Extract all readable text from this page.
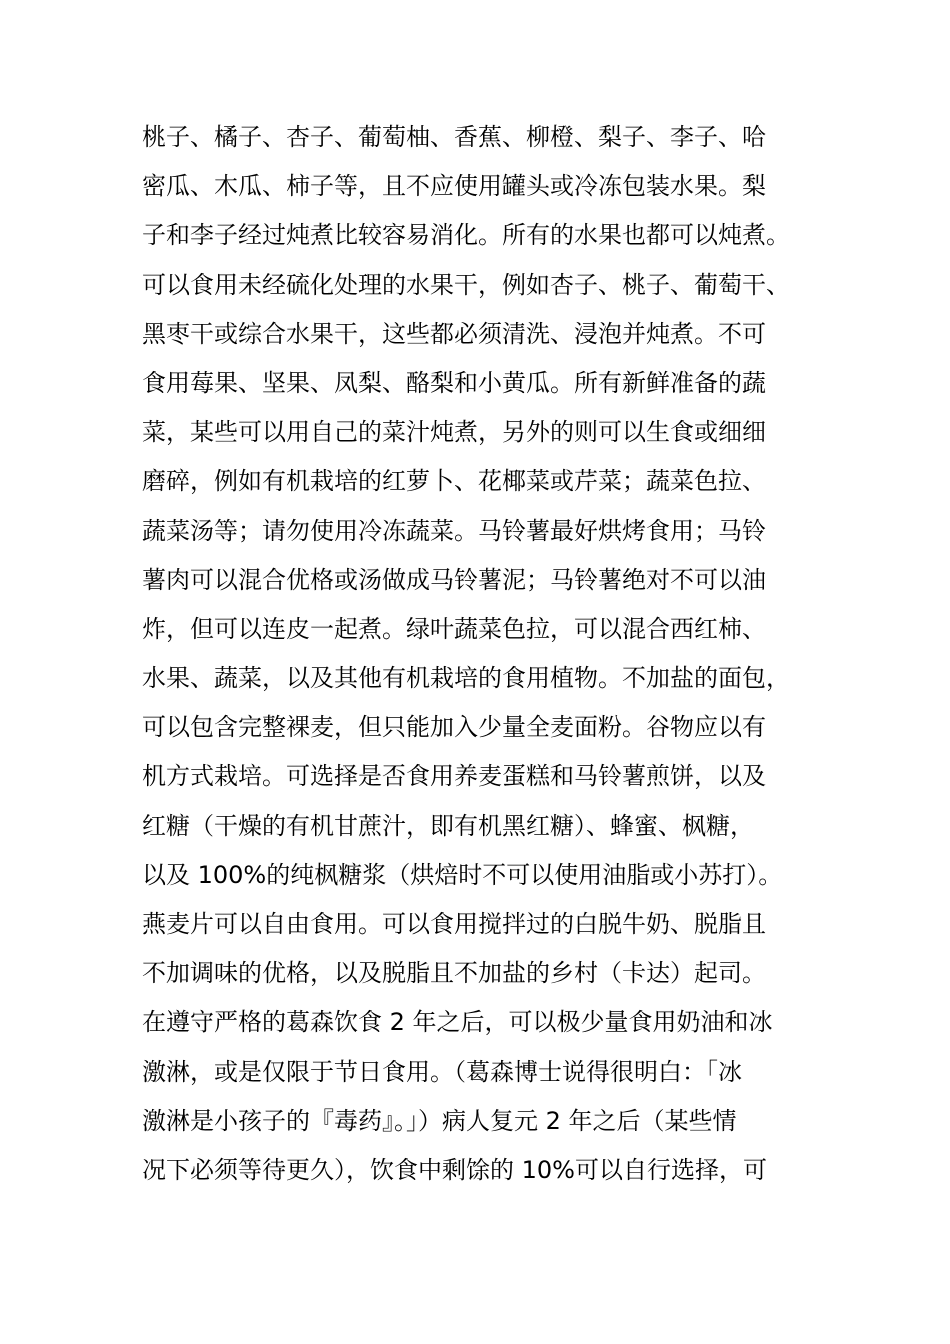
桃子、橘子、杏子、葡萄柚、香蕉、柳橙、梨子、李子、哈
密瓜、木瓜、柿子等，且不应使用罐头或冷冻包装水果。梨
子和李子经过炖煮比较容易消化。所有的水果也都可以炖煮。
可以食用未经硫化处理的水果干，例如杏子、桃子、葡萄干、
黑枣干或综合水果干，这些都必须清洗、浸泡并炖煮。不可
食用莓果、坚果、凤梨、酪梨和小黄瓜。所有新鲜准备的蔬
菜，某些可以用自己的菜汁炖煮，另外的则可以生食或细细
磨碎，例如有机栽培的红萝卜、花椰菜或芹菜；蔬菜色拉、
蔬菜汤等；请勿使用冷冻蔬菜。马铃薯最好烘烤食用；马铃
薯肉可以混合优格或汤做成马铃薯泥；马铃薯绝对不可以油
炸，但可以连皮一起煮。绿叶蔬菜色拉，可以混合西红柿、
水果、蔬菜，以及其他有机栽培的食用植物。不加盐的面包，
可以包含完整裸麦，但只能加入少量全麦面粉。谷物应以有
机方式栽培。可选择是否食用养麦蛋糕和马铃薯煎饼，以及
红糖（干燥的有机甘蔗汁，即有机黑红糖）、蜂蜜、枫糖，
以及 100%的纯枫糖浆（烘焙时不可以使用油脂或小苏打）。
燕麦片可以自由食用。可以食用搅拌过的白脱牛奶、脱脂且
不加调味的优格，以及脱脂且不加盐的乡村（卡达）起司。
在遵守严格的葛森饮食 2 年之后，可以极少量食用奶油和冰
激淋，或是仅限于节日食用。（葛森博士说得很明白：「冰
激淋是小孩子的『毒药』。」）病人复元 2 年之后（某些情
况下必须等待更久），饮食中剩馀的 10%可以自行选择，可
